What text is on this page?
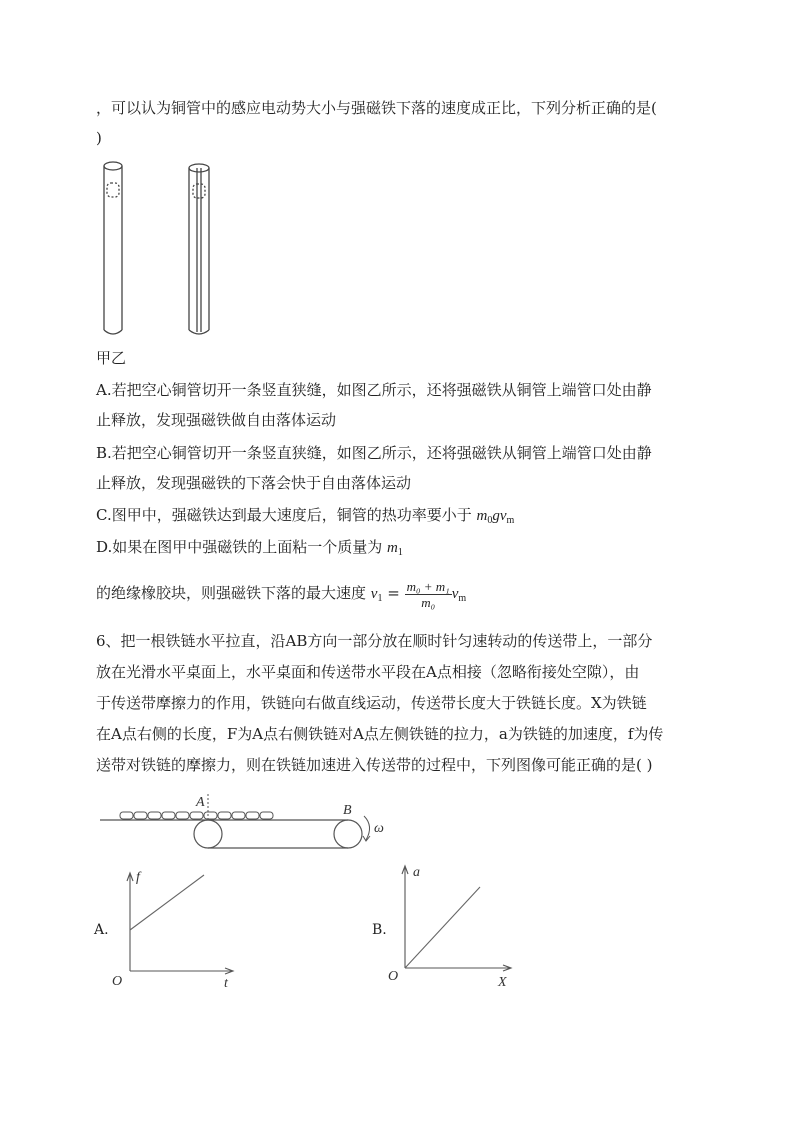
，可以认为铜管中的感应电动势大小与强磁铁下落的速度成正比，下列分析正确的是(
)
甲乙
A.若把空心铜管切开一条竖直狭缝，如图乙所示，还将强磁铁从铜管上端管口处由静
止释放，发现强磁铁做自由落体运动
B.若把空心铜管切开一条竖直狭缝，如图乙所示，还将强磁铁从铜管上端管口处由静
止释放，发现强磁铁的下落会快于自由落体运动
C.图甲中，强磁铁达到最大速度后，铜管的热功率要小于 $m_0gv_m$
D.如果在图甲中强磁铁的上面粘一个质量为 $m_1$
的绝缘橡胶块，则强磁铁下落的最大速度 $v_1 = \frac{\text{m₀ + m₁}}{\text{m₀}} v_m$
6、把一根铁链水平拉直，沿AB方向一部分放在顺时针匀速转动的传送带上，一部分
放在光滑水平桌面上，水平桌面和传送带水平段在A点相接（忽略衔接处空隙），由
于传送带摩擦力的作用，铁链向右做直线运动，传送带长度大于铁链长度。X为铁链
在A点右侧的长度，F为A点右侧铁链对A点左侧铁链的拉力，a为铁链的加速度，f为传
送带对铁链的摩擦力，则在铁链加速进入传送带的过程中，下列图像可能正确的是( )
A
B
ω
A.
f
t
O
B.
a
X
O
